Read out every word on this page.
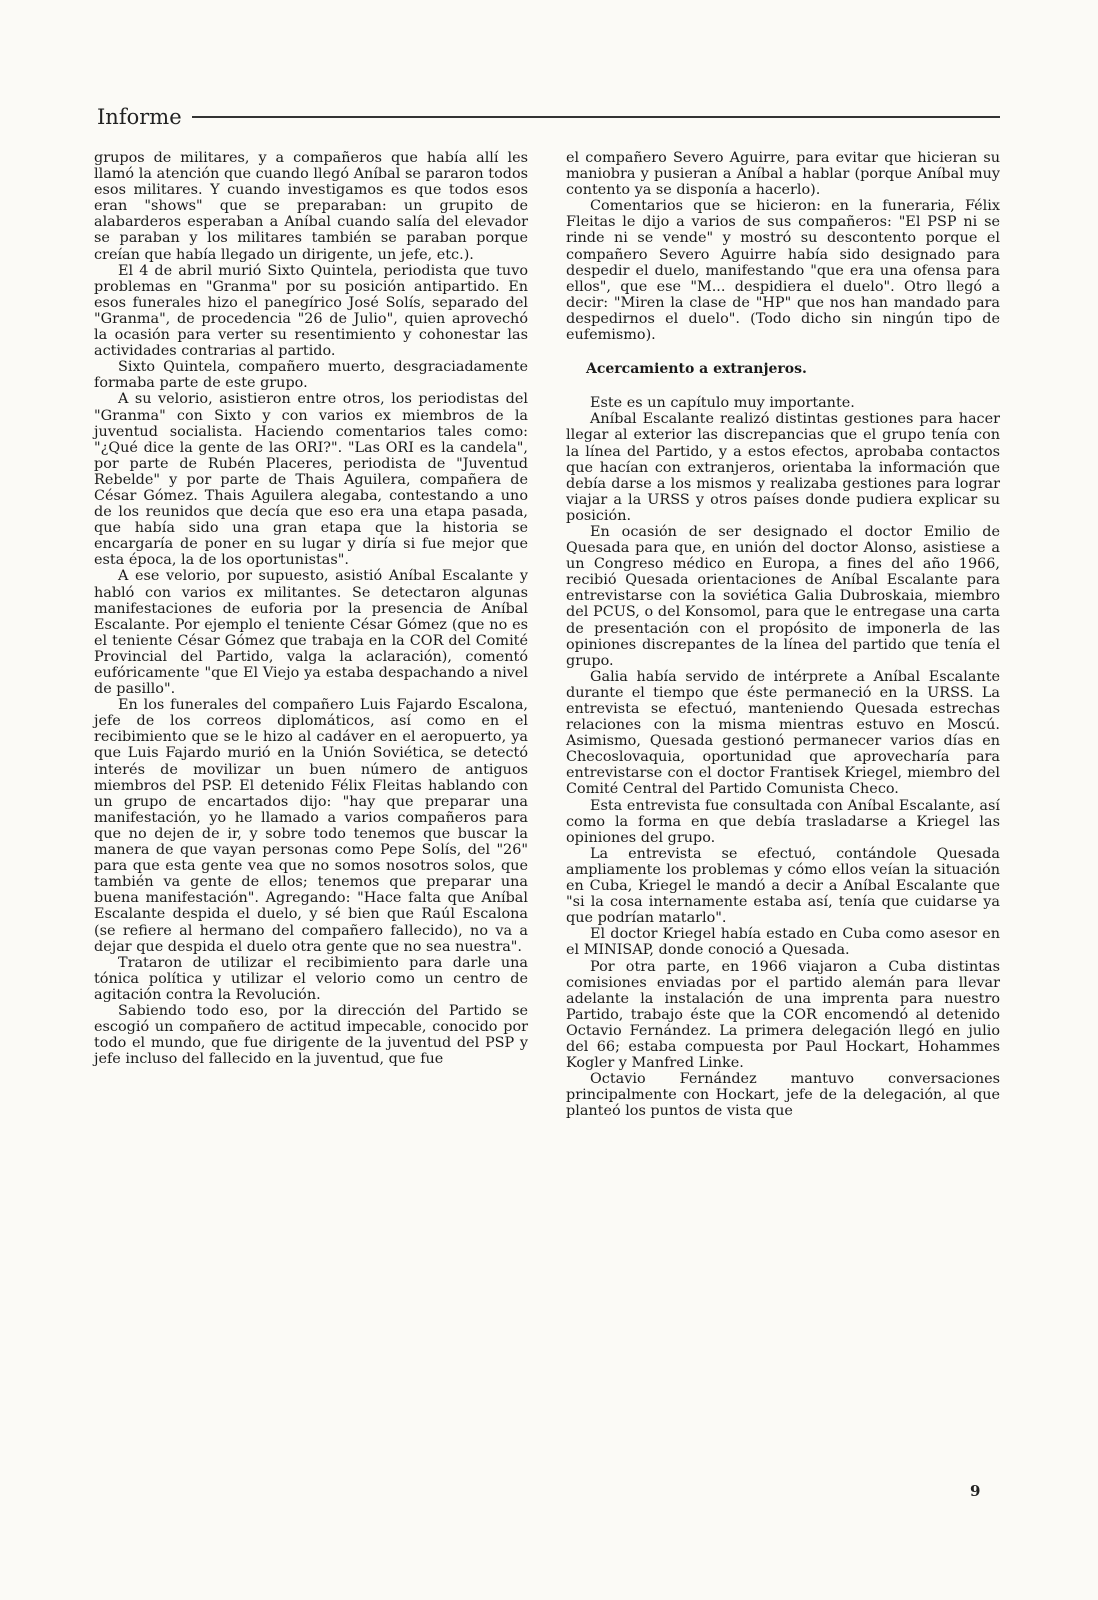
Informe

grupos de militares, y a compañeros que había allí les llamó la atención que cuando llegó Aníbal se pararon todos esos militares. Y cuando investigamos es que todos esos eran "shows" que se preparaban: un grupito de alabarderos esperaban a Aníbal cuando salía del elevador se paraban y los militares también se paraban porque creían que había llegado un dirigente, un jefe, etc.).

El 4 de abril murió Sixto Quintela, periodista que tuvo problemas en "Granma" por su posición antipartido. En esos funerales hizo el panegírico José Solís, separado del "Granma", de procedencia "26 de Julio", quien aprovechó la ocasión para verter su resentimiento y cohonestar las actividades contrarias al partido.

Sixto Quintela, compañero muerto, desgraciadamente formaba parte de este grupo.

A su velorio, asistieron entre otros, los periodistas del "Granma" con Sixto y con varios ex miembros de la juventud socialista. Haciendo comentarios tales como: "¿Qué dice la gente de las ORI?". "Las ORI es la candela", por parte de Rubén Placeres, periodista de "Juventud Rebelde" y por parte de Thais Aguilera, compañera de César Gómez. Thais Aguilera alegaba, contestando a uno de los reunidos que decía que eso era una etapa pasada, que había sido una gran etapa que la historia se encargaría de poner en su lugar y diría si fue mejor que esta época, la de los oportunistas".

A ese velorio, por supuesto, asistió Aníbal Escalante y habló con varios ex militantes. Se detectaron algunas manifestaciones de euforia por la presencia de Aníbal Escalante. Por ejemplo el teniente César Gómez (que no es el teniente César Gómez que trabaja en la COR del Comité Provincial del Partido, valga la aclaración), comentó eufóricamente "que El Viejo ya estaba despachando a nivel de pasillo".

En los funerales del compañero Luis Fajardo Escalona, jefe de los correos diplomáticos, así como en el recibimiento que se le hizo al cadáver en el aeropuerto, ya que Luis Fajardo murió en la Unión Soviética, se detectó interés de movilizar un buen número de antiguos miembros del PSP. El detenido Félix Fleitas hablando con un grupo de encartados dijo: "hay que preparar una manifestación, yo he llamado a varios compañeros para que no dejen de ir, y sobre todo tenemos que buscar la manera de que vayan personas como Pepe Solís, del "26" para que esta gente vea que no somos nosotros solos, que también va gente de ellos; tenemos que preparar una buena manifestación". Agregando: "Hace falta que Aníbal Escalante despida el duelo, y sé bien que Raúl Escalona (se refiere al hermano del compañero fallecido), no va a dejar que despida el duelo otra gente que no sea nuestra".

Trataron de utilizar el recibimiento para darle una tónica política y utilizar el velorio como un centro de agitación contra la Revolución.

Sabiendo todo eso, por la dirección del Partido se escogió un compañero de actitud impecable, conocido por todo el mundo, que fue dirigente de la juventud del PSP y jefe incluso del fallecido en la juventud, que fue

el compañero Severo Aguirre, para evitar que hicieran su maniobra y pusieran a Aníbal a hablar (porque Aníbal muy contento ya se disponía a hacerlo).

Comentarios que se hicieron: en la funeraria, Félix Fleitas le dijo a varios de sus compañeros: "El PSP ni se rinde ni se vende" y mostró su descontento porque el compañero Severo Aguirre había sido designado para despedir el duelo, manifestando "que era una ofensa para ellos", que ese "M... despidiera el duelo". Otro llegó a decir: "Miren la clase de "HP" que nos han mandado para despedirnos el duelo". (Todo dicho sin ningún tipo de eufemismo).

Acercamiento a extranjeros.

Este es un capítulo muy importante.

Aníbal Escalante realizó distintas gestiones para hacer llegar al exterior las discrepancias que el grupo tenía con la línea del Partido, y a estos efectos, aprobaba contactos que hacían con extranjeros, orientaba la información que debía darse a los mismos y realizaba gestiones para lograr viajar a la URSS y otros países donde pudiera explicar su posición.

En ocasión de ser designado el doctor Emilio de Quesada para que, en unión del doctor Alonso, asistiese a un Congreso médico en Europa, a fines del año 1966, recibió Quesada orientaciones de Aníbal Escalante para entrevistarse con la soviética Galia Dubroskaia, miembro del PCUS, o del Konsomol, para que le entregase una carta de presentación con el propósito de imponerla de las opiniones discrepantes de la línea del partido que tenía el grupo.

Galia había servido de intérprete a Aníbal Escalante durante el tiempo que éste permaneció en la URSS. La entrevista se efectuó, manteniendo Quesada estrechas relaciones con la misma mientras estuvo en Moscú. Asimismo, Quesada gestionó permanecer varios días en Checoslovaquia, oportunidad que aprovecharía para entrevistarse con el doctor Frantisek Kriegel, miembro del Comité Central del Partido Comunista Checo.

Esta entrevista fue consultada con Aníbal Escalante, así como la forma en que debía trasladarse a Kriegel las opiniones del grupo.

La entrevista se efectuó, contándole Quesada ampliamente los problemas y cómo ellos veían la situación en Cuba, Kriegel le mandó a decir a Aníbal Escalante que "si la cosa internamente estaba así, tenía que cuidarse ya que podrían matarlo".

El doctor Kriegel había estado en Cuba como asesor en el MINISAP, donde conoció a Quesada.

Por otra parte, en 1966 viajaron a Cuba distintas comisiones enviadas por el partido alemán para llevar adelante la instalación de una imprenta para nuestro Partido, trabajo éste que la COR encomendó al detenido Octavio Fernández. La primera delegación llegó en julio del 66; estaba compuesta por Paul Hockart, Hohammes Kogler y Manfred Linke.

Octavio Fernández mantuvo conversaciones principalmente con Hockart, jefe de la delegación, al que planteó los puntos de vista que

9
